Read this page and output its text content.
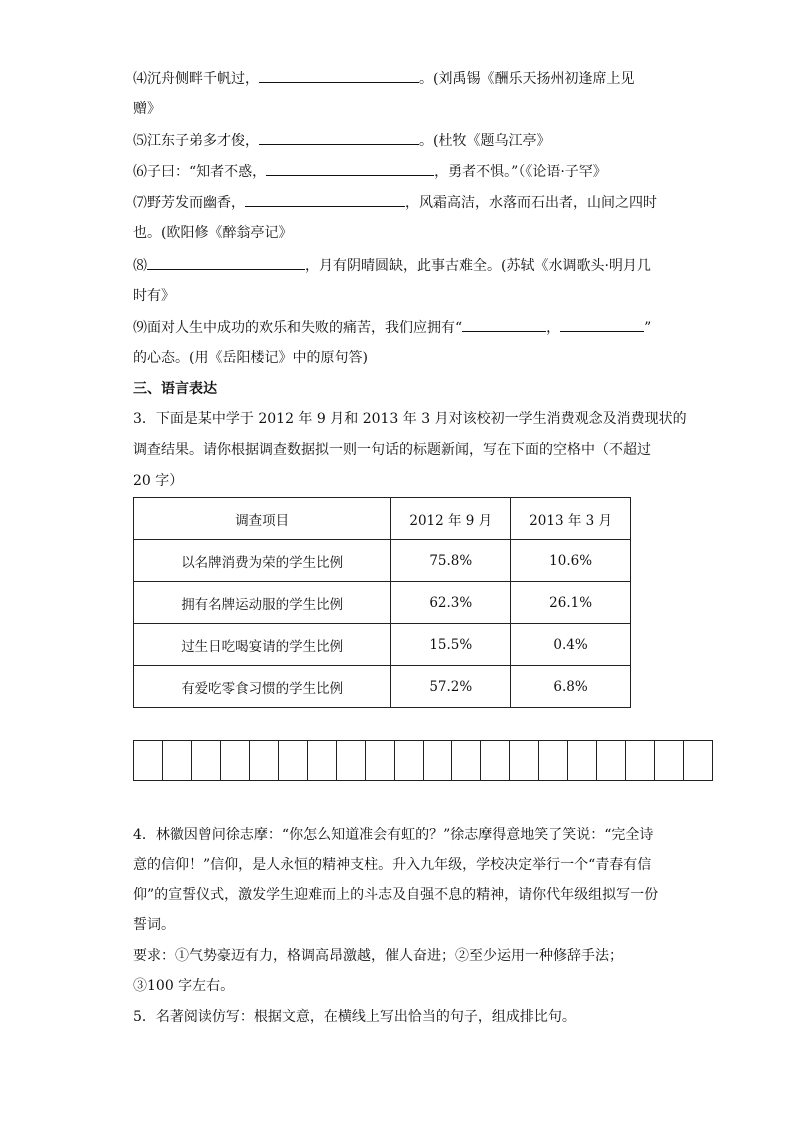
⑷沉舟侧畔千帆过，	。(刘禹锡《酬乐天扬州初逢席上见
赠》
⑸江东子弟多才俊，	。(杜牧《题乌江亭》
⑹子曰：“知者不惑，	，勇者不惧。”（《论语·子罕》
⑺野芳发而幽香，	，风霜高洁，水落而石出者，山间之四时
也。(欧阳修《醉翁亭记》
⑻	，月有阴晴圆缺，此事古难全。(苏轼《水调歌头·明月几
时有》
⑼面对人生中成功的欢乐和失败的痛苦，我们应拥有“	，	”
的心态。(用《岳阳楼记》中的原句答)
三、语言表达
3．下面是某中学于 2012 年 9 月和 2013 年 3 月对该校初一学生消费观念及消费现状的
调查结果。请你根据调查数据拟一则一句话的标题新闻，写在下面的空格中（不超过
20 字）
调查项目	2012 年 9 月	2013 年 3 月
以名牌消费为荣的学生比例	75.8%	10.6%
拥有名牌运动服的学生比例	62.3%	26.1%
过生日吃喝宴请的学生比例	15.5%	0.4%
有爱吃零食习惯的学生比例	57.2%	6.8%
4．林徽因曾问徐志摩：“你怎么知道准会有虹的？”徐志摩得意地笑了笑说：“完全诗
意的信仰！”信仰，是人永恒的精神支柱。升入九年级，学校决定举行一个“青春有信
仰”的宣誓仪式，激发学生迎难而上的斗志及自强不息的精神，请你代年级组拟写一份
誓词。
要求：①气势豪迈有力，格调高昂激越，催人奋进；②至少运用一种修辞手法；
③100 字左右。
5．名著阅读仿写：根据文意，在横线上写出恰当的句子，组成排比句。
